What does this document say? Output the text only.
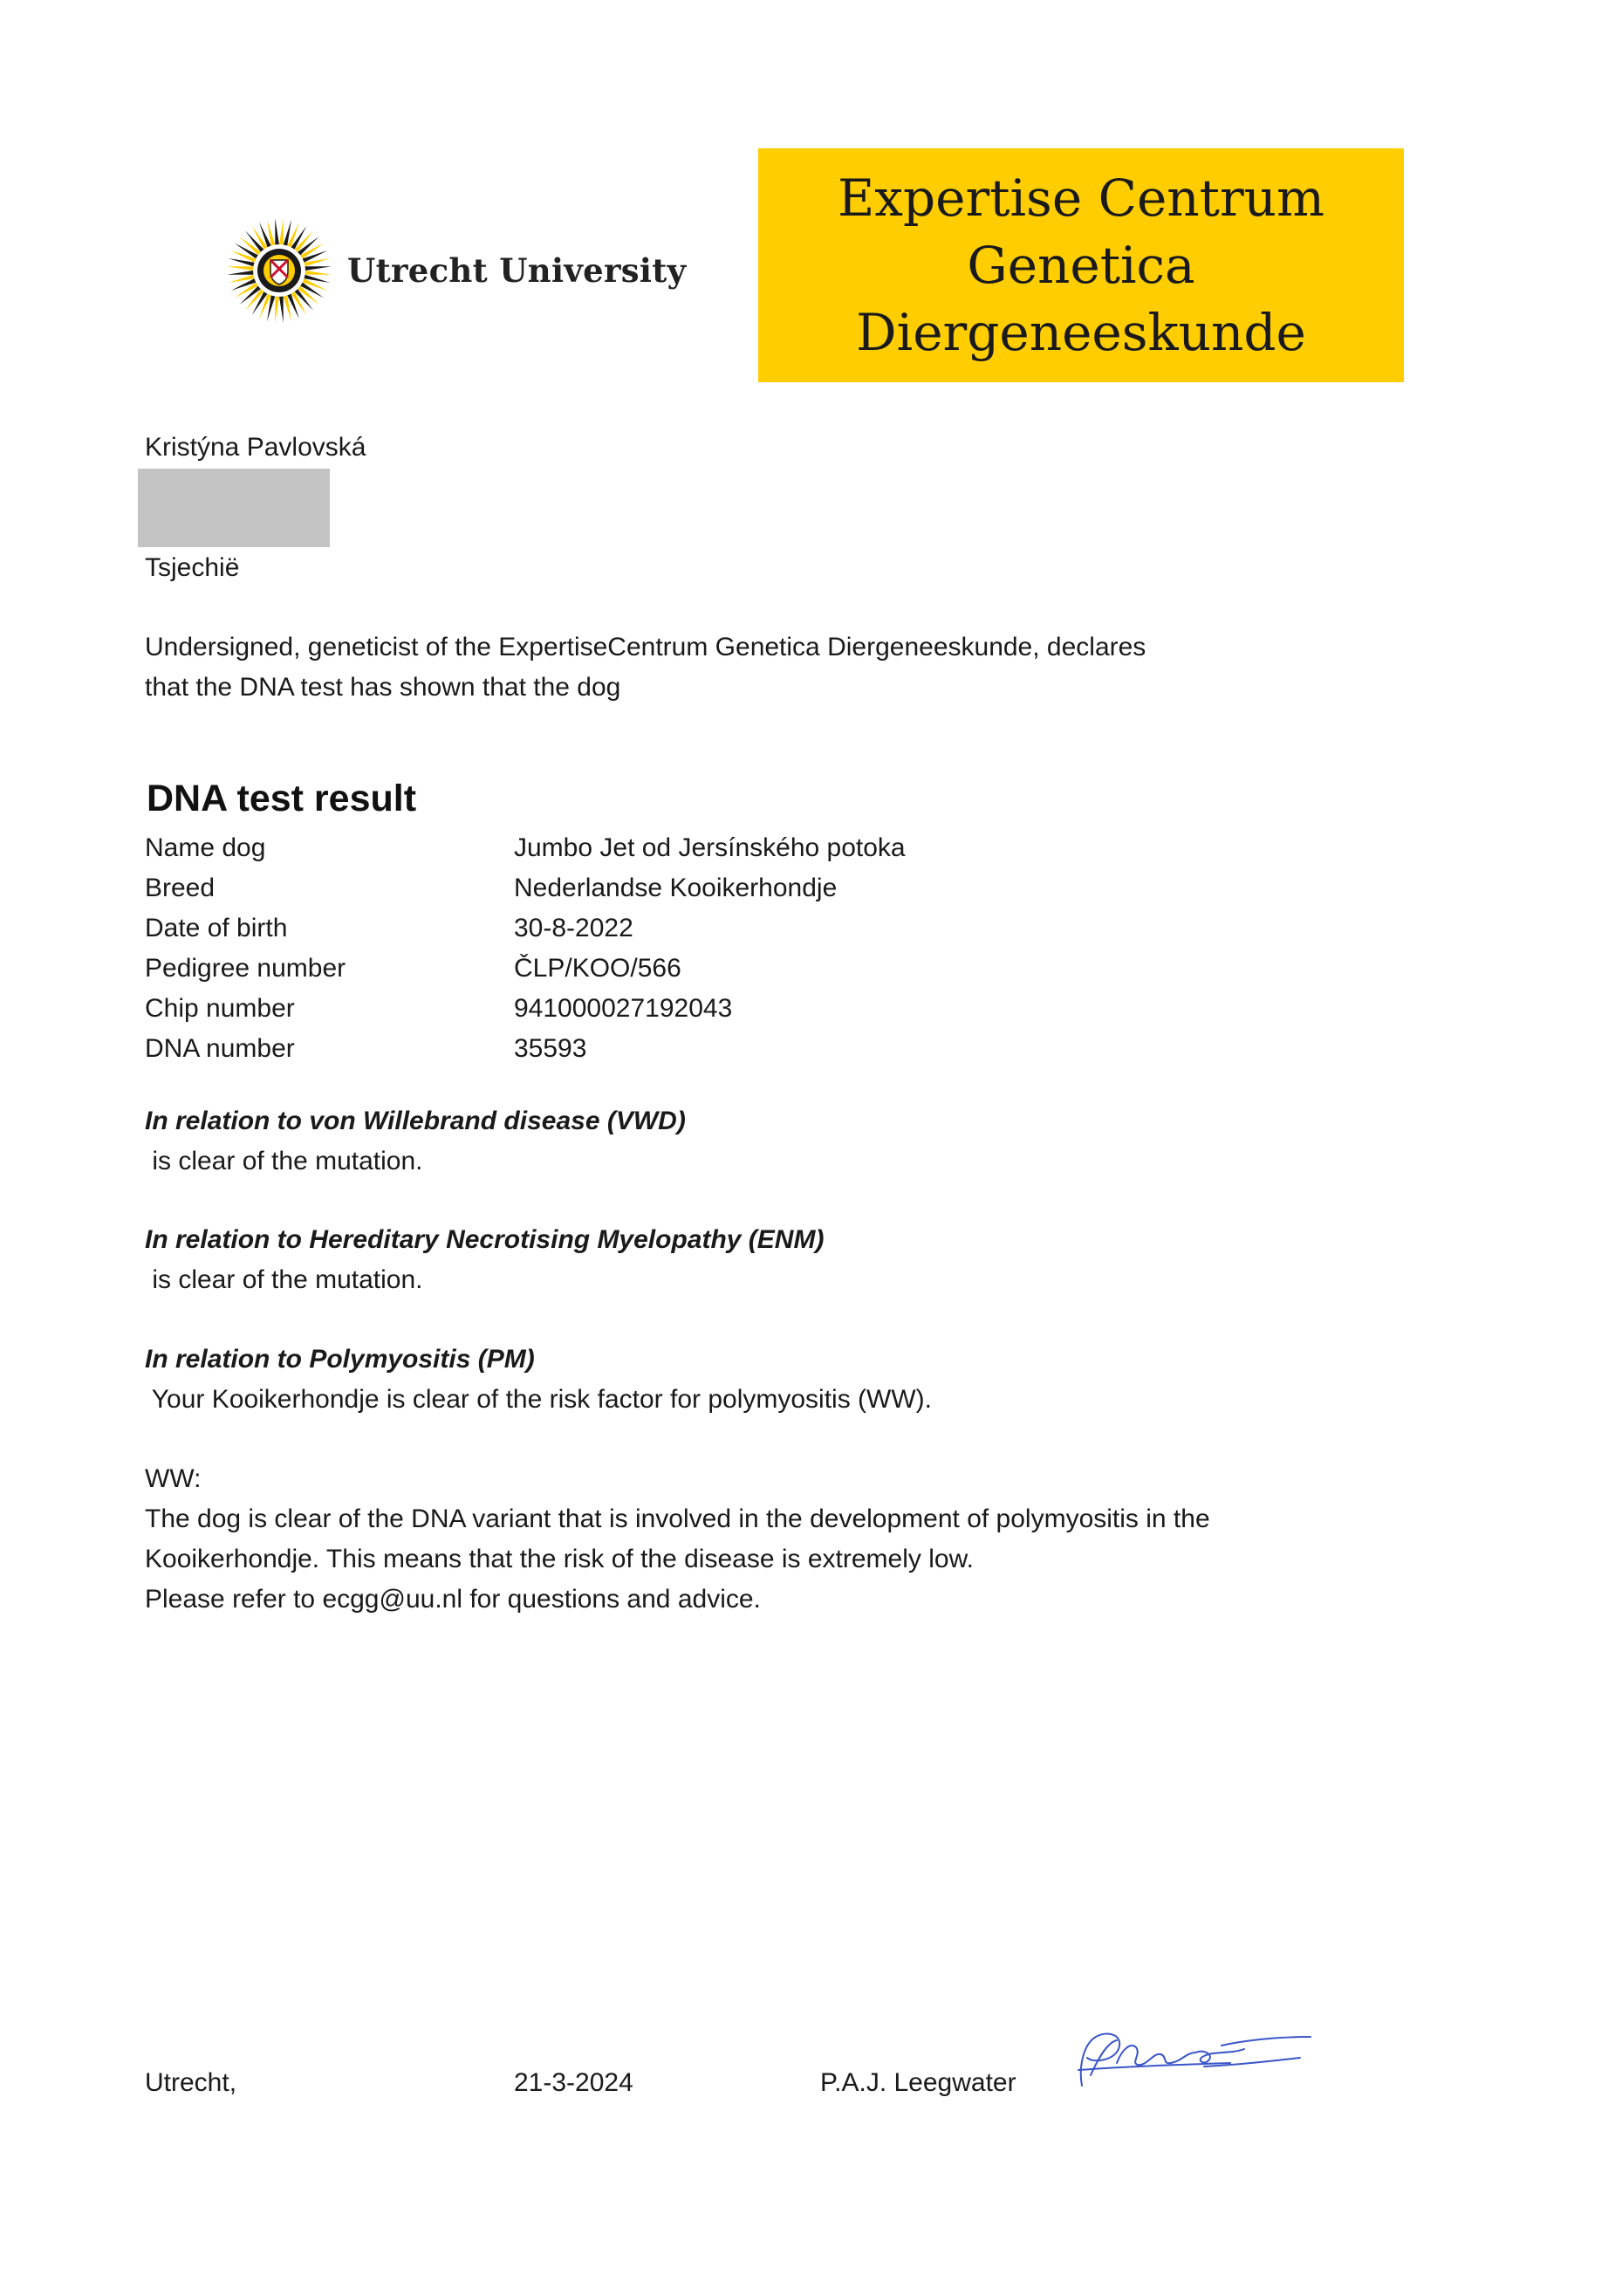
Utrecht University
Expertise Centrum
Genetica
Diergeneeskunde
Kristýna Pavlovská
Tsjechië
Undersigned, geneticist of the ExpertiseCentrum Genetica Diergeneeskunde, declares
that the DNA test has shown that the dog
DNA test result
Name dog	Jumbo Jet od Jersínského potoka
Breed	Nederlandse Kooikerhondje
Date of birth	30-8-2022
Pedigree number	ČLP/KOO/566
Chip number	941000027192043
DNA number	35593
In relation to von Willebrand disease (VWD)
is clear of the mutation.
In relation to Hereditary Necrotising Myelopathy (ENM)
is clear of the mutation.
In relation to Polymyositis (PM)
Your Kooikerhondje is clear of the risk factor for polymyositis (WW).
WW:
The dog is clear of the DNA variant that is involved in the development of polymyositis in the
Kooikerhondje. This means that the risk of the disease is extremely low.
Please refer to ecgg@uu.nl for questions and advice.
Utrecht,	21-3-2024	P.A.J. Leegwater
